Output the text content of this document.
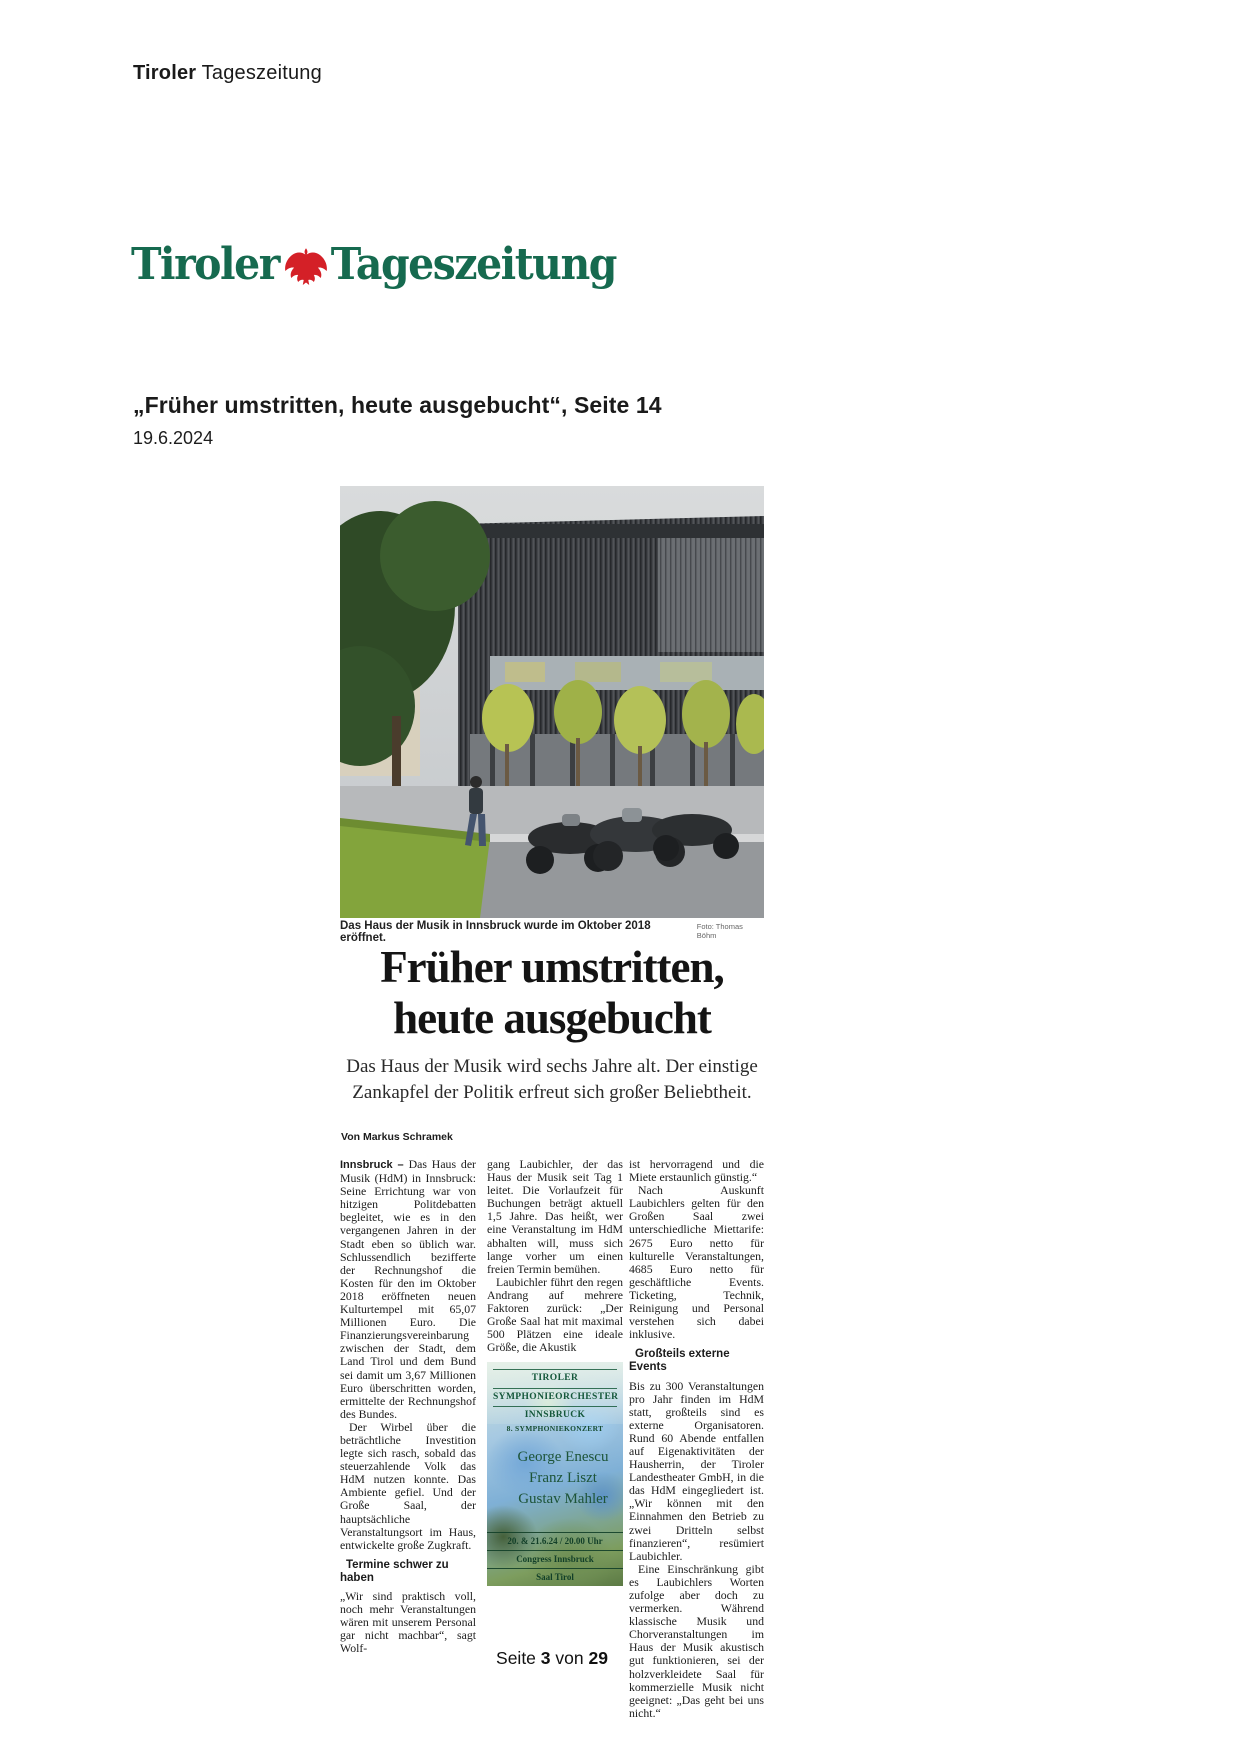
Tiroler Tageszeitung
Tiroler Tageszeitung
„Früher umstritten, heute ausgebucht“, Seite 14
19.6.2024
Das Haus der Musik in Innsbruck wurde im Oktober 2018 eröffnet.
Foto: Thomas Böhm
Früher umstritten,
heute ausgebucht
Das Haus der Musik wird sechs Jahre alt. Der einstige
Zankapfel der Politik erfreut sich großer Beliebtheit.
Von Markus Schramek

Innsbruck – Das Haus der Musik (HdM) in Innsbruck: Seine Errichtung war von hitzigen Politdebatten begleitet, wie es in den vergangenen Jahren in der Stadt eben so üblich war. Schlussendlich bezifferte der Rechnungshof die Kosten für den im Oktober 2018 eröffneten neuen Kulturtempel mit 65,07 Millionen Euro. Die Finanzierungsvereinbarung zwischen der Stadt, dem Land Tirol und dem Bund sei damit um 3,67 Millionen Euro überschritten worden, ermittelte der Rechnungshof des Bundes.

Der Wirbel über die beträchtliche Investition legte sich rasch, sobald das steuerzahlende Volk das HdM nutzen konnte. Das Ambiente gefiel. Und der Große Saal, der hauptsächliche Veranstaltungsort im Haus, entwickelte große Zugkraft.

Termine schwer zu haben

„Wir sind praktisch voll, noch mehr Veranstaltungen wären mit unserem Personal gar nicht machbar“, sagt Wolf-

gang Laubichler, der das Haus der Musik seit Tag 1 leitet. Die Vorlaufzeit für Buchungen beträgt aktuell 1,5 Jahre. Das heißt, wer eine Veranstaltung im HdM abhalten will, muss sich lange vorher um einen freien Termin bemühen.

Laubichler führt den regen Andrang auf mehrere Faktoren zurück: „Der Große Saal hat mit maximal 500 Plätzen eine ideale Größe, die Akustik

TIROLER
SYMPHONIEORCHESTER
INNSBRUCK
8. SYMPHONIEKONZERT
George Enescu
Franz Liszt
Gustav Mahler
20. & 21.6.24 / 20.00 Uhr
Congress Innsbruck
Saal Tirol

ist hervorragend und die Miete erstaunlich günstig.“

Nach Auskunft Laubichlers gelten für den Großen Saal zwei unterschiedliche Miettarife: 2675 Euro netto für kulturelle Veranstaltungen, 4685 Euro netto für geschäftliche Events. Ticketing, Technik, Reinigung und Personal verstehen sich dabei inklusive.

Großteils externe Events

Bis zu 300 Veranstaltungen pro Jahr finden im HdM statt, großteils sind es externe Organisatoren. Rund 60 Abende entfallen auf Eigenaktivitäten der Hausherrin, der Tiroler Landestheater GmbH, in die das HdM eingegliedert ist. „Wir können mit den Einnahmen den Betrieb zu zwei Dritteln selbst finanzieren“, resümiert Laubichler.

Eine Einschränkung gibt es Laubichlers Worten zufolge aber doch zu vermerken. Während klassische Musik und Chorveranstaltungen im Haus der Musik akustisch gut funktionieren, sei der holzverkleidete Saal für kommerzielle Musik nicht geeignet: „Das geht bei uns nicht.“

Seite 3 von 29
